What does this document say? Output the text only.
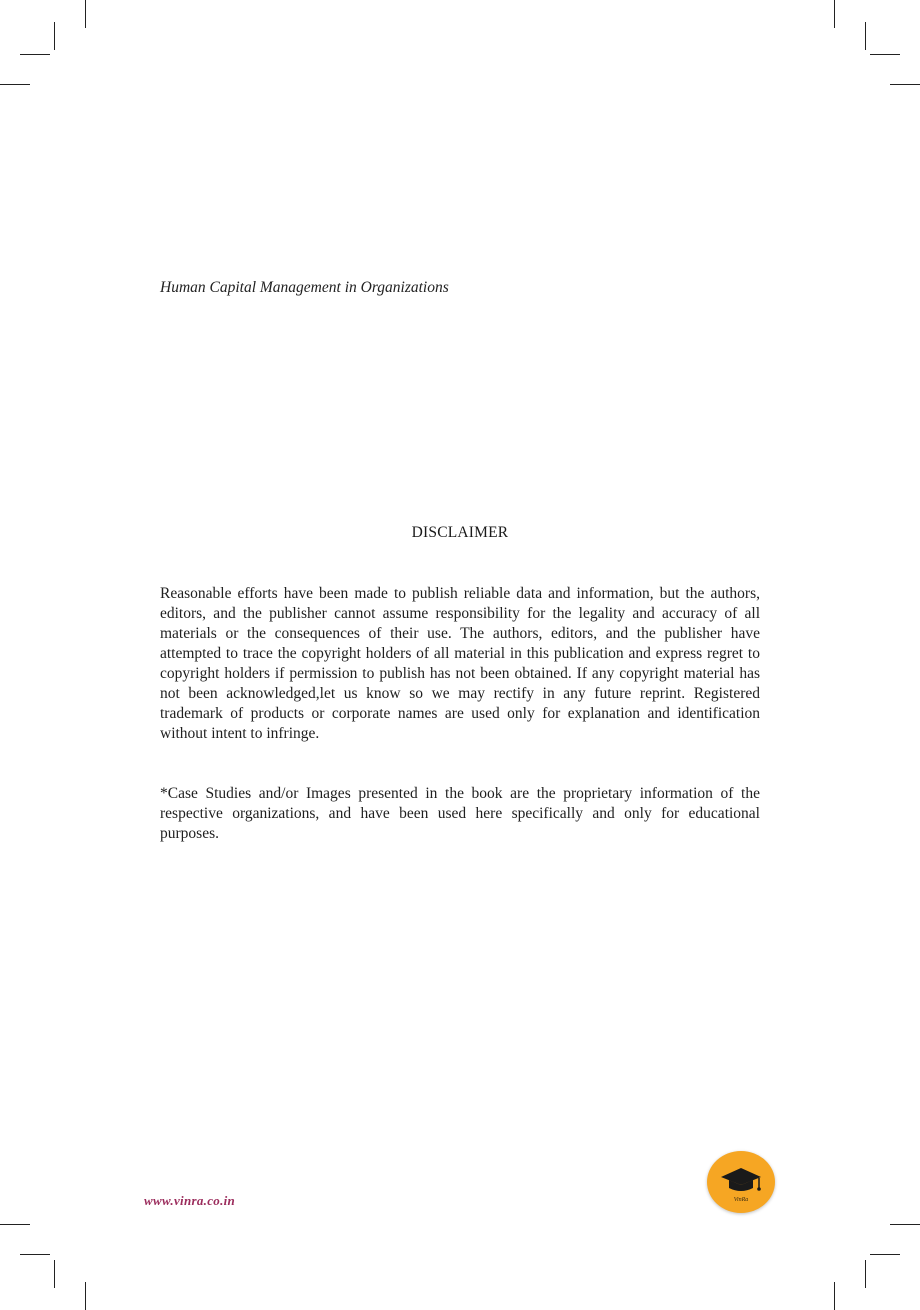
Human Capital Management in Organizations
DISCLAIMER
Reasonable efforts have been made to publish reliable data and information, but the authors, editors, and the publisher cannot assume responsibility for the legality and accuracy of all materials or the consequences of their use. The authors, editors, and the publisher have attempted to trace the copyright holders of all material in this publication and express regret to copyright holders if permission to publish has not been obtained. If any copyright material has not been acknowledged,let us know so we may rectify in any future reprint. Registered trademark of products or corporate names are used only for explanation and identification without intent to infringe.
*Case Studies and/or Images presented in the book are the proprietary information of the respective organizations, and have been used here specifically and only for educational purposes.
www.vinra.co.in	VinRa
